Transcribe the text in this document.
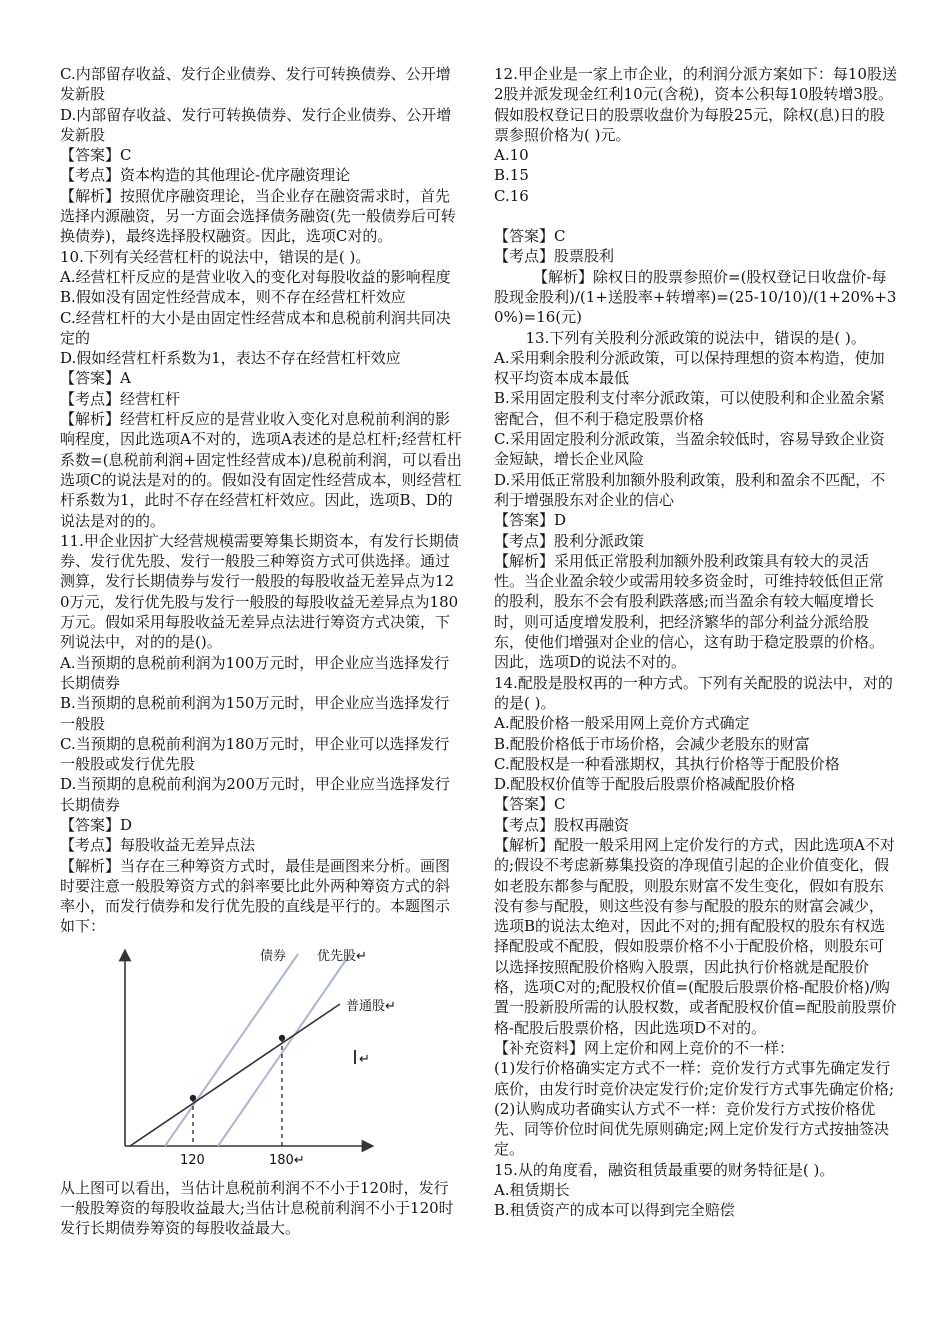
C.内部留存收益、发行企业债券、发行可转换债券、公开增发新股
D.内部留存收益、发行可转换债券、发行企业债券、公开增发新股
【答案】C
【考点】资本构造的其他理论-优序融资理论
【解析】按照优序融资理论，当企业存在融资需求时，首先选择内源融资，另一方面会选择债务融资(先一般债券后可转换债券)，最终选择股权融资。因此，选项C对的。
10.下列有关经营杠杆的说法中，错误的是( )。
A.经营杠杆反应的是营业收入的变化对每股收益的影响程度
B.假如没有固定性经营成本，则不存在经营杠杆效应
C.经营杠杆的大小是由固定性经营成本和息税前利润共同决定的
D.假如经营杠杆系数为1，表达不存在经营杠杆效应
【答案】A
【考点】经营杠杆
【解析】经营杠杆反应的是营业收入变化对息税前利润的影响程度，因此选项A不对的，选项A表述的是总杠杆;经营杠杆系数=(息税前利润+固定性经营成本)/息税前利润，可以看出选项C的说法是对的的。假如没有固定性经营成本，则经营杠杆系数为1，此时不存在经营杠杆效应。因此，选项B、D的说法是对的的。
11.甲企业因扩大经营规模需要筹集长期资本，有发行长期债券、发行优先股、发行一般股三种筹资方式可供选择。通过测算，发行长期债券与发行一般股的每股收益无差异点为120万元，发行优先股与发行一般股的每股收益无差异点为180万元。假如采用每股收益无差异点法进行筹资方式决策，下列说法中，对的的是()。
A.当预期的息税前利润为100万元时，甲企业应当选择发行长期债券
B.当预期的息税前利润为150万元时，甲企业应当选择发行一般股
C.当预期的息税前利润为180万元时，甲企业可以选择发行一般股或发行优先股
D.当预期的息税前利润为200万元时，甲企业应当选择发行长期债券
【答案】D
【考点】每股收益无差异点法
【解析】当存在三种筹资方式时，最佳是画图来分析。画图时要注意一般股筹资方式的斜率要比此外两种筹资方式的斜率小，而发行债券和发行优先股的直线是平行的。本题图示如下：
债券 优先股↵
普通股↵
↵
120	180↵
从上图可以看出，当估计息税前利润不不小于120时，发行一般股筹资的每股收益最大;当估计息税前利润不小于120时发行长期债券筹资的每股收益最大。
12.甲企业是一家上市企业，的利润分派方案如下：每10股送2股并派发现金红利10元(含税)，资本公积每10股转增3股。假如股权登记日的股票收盘价为每股25元，除权(息)日的股票参照价格为( )元。
A.10
B.15
C.16
【答案】C
【考点】股票股利
【解析】除权日的股票参照价=(股权登记日收盘价-每股现金股利)/(1+送股率+转增率)=(25-10/10)/(1+20%+30%)=16(元)
13.下列有关股利分派政策的说法中，错误的是( )。
A.采用剩余股利分派政策，可以保持理想的资本构造，使加权平均资本成本最低
B.采用固定股利支付率分派政策，可以使股利和企业盈余紧密配合，但不利于稳定股票价格
C.采用固定股利分派政策，当盈余较低时，容易导致企业资金短缺，增长企业风险
D.采用低正常股利加额外股利政策，股利和盈余不匹配，不利于增强股东对企业的信心
【答案】D
【考点】股利分派政策
【解析】采用低正常股利加额外股利政策具有较大的灵活性。当企业盈余较少或需用较多资金时，可维持较低但正常的股利，股东不会有股利跌落感;而当盈余有较大幅度增长时，则可适度增发股利，把经济繁华的部分利益分派给股东，使他们增强对企业的信心，这有助于稳定股票的价格。因此，选项D的说法不对的。
14.配股是股权再的一种方式。下列有关配股的说法中，对的的是( )。
A.配股价格一般采用网上竞价方式确定
B.配股价格低于市场价格，会减少老股东的财富
C.配股权是一种看涨期权，其执行价格等于配股价格
D.配股权价值等于配股后股票价格减配股价格
【答案】C
【考点】股权再融资
【解析】配股一般采用网上定价发行的方式，因此选项A不对的;假设不考虑新募集投资的净现值引起的企业价值变化，假如老股东都参与配股，则股东财富不发生变化，假如有股东没有参与配股，则这些没有参与配股的股东的财富会减少，选项B的说法太绝对，因此不对的;拥有配股权的股东有权选择配股或不配股，假如股票价格不小于配股价格，则股东可以选择按照配股价格购入股票，因此执行价格就是配股价格，选项C对的;配股权价值=(配股后股票价格-配股价格)/购置一股新股所需的认股权数，或者配股权价值=配股前股票价格-配股后股票价格，因此选项D不对的。
【补充资料】网上定价和网上竞价的不一样：
(1)发行价格确实定方式不一样：竞价发行方式事先确定发行底价，由发行时竞价决定发行价;定价发行方式事先确定价格;
(2)认购成功者确实认方式不一样：竞价发行方式按价格优先、同等价位时间优先原则确定;网上定价发行方式按抽签决定。
15.从的角度看，融资租赁最重要的财务特征是( )。
A.租赁期长
B.租赁资产的成本可以得到完全赔偿
